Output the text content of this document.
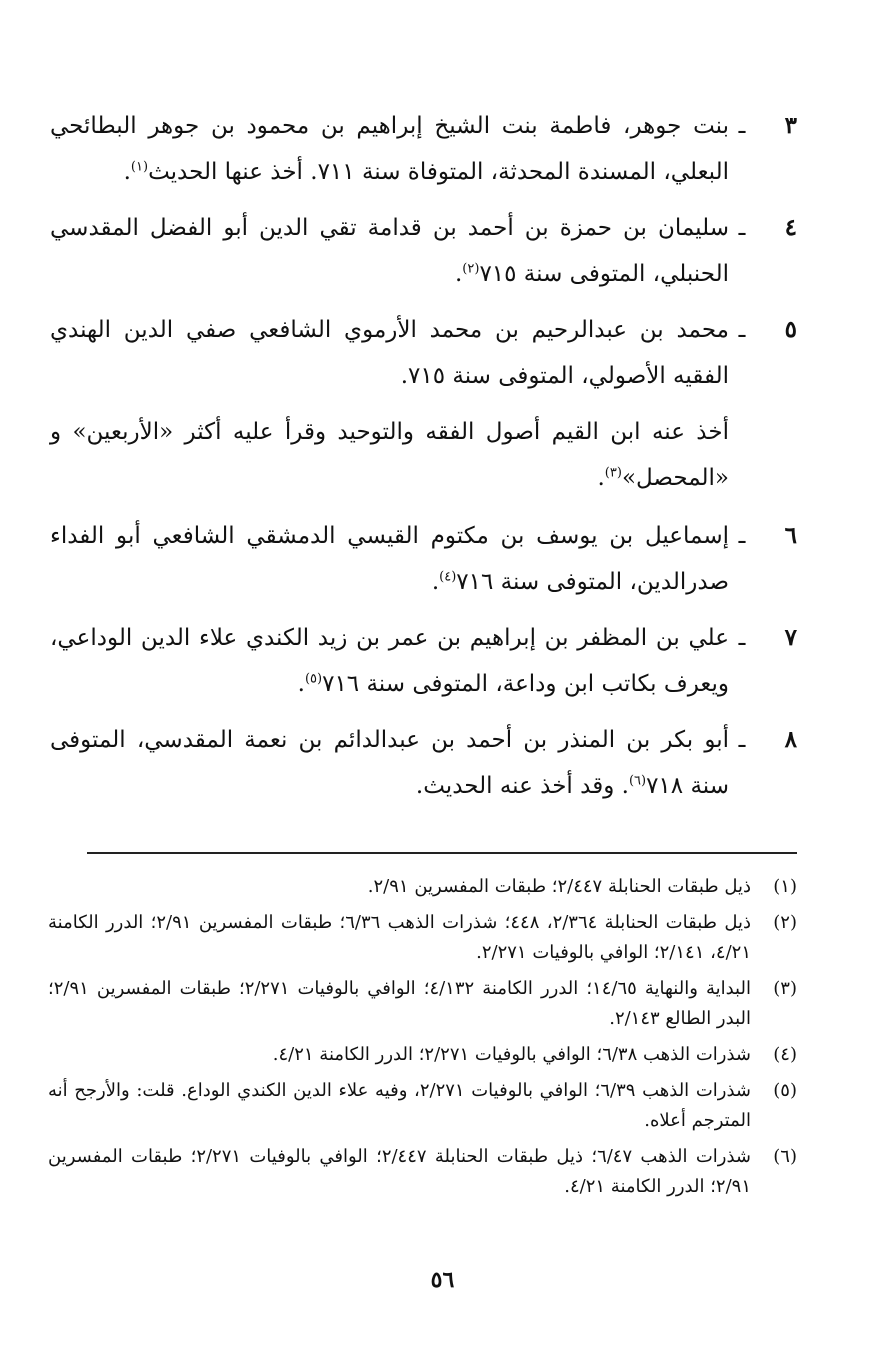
٣
ـ
بنت جوهر، فاطمة بنت الشيخ إبراهيم بن محمود بن جوهر البطائحي البعلي، المسندة المحدثة، المتوفاة سنة ٧١١. أخذ عنها الحديث$^{(١)}$.
٤
ـ
سليمان بن حمزة بن أحمد بن قدامة تقي الدين أبو الفضل المقدسي الحنبلي، المتوفى سنة ٧١٥$^{(٢)}$.
٥
ـ
محمد بن عبدالرحيم بن محمد الأرموي الشافعي صفي الدين الهندي الفقيه الأصولي، المتوفى سنة ٧١٥.
أخذ عنه ابن القيم أصول الفقه والتوحيد وقرأ عليه أكثر «الأربعين» و «المحصل»$^{(٣)}$.
٦
ـ
إسماعيل بن يوسف بن مكتوم القيسي الدمشقي الشافعي أبو الفداء صدرالدين، المتوفى سنة ٧١٦$^{(٤)}$.
٧
ـ
علي بن المظفر بن إبراهيم بن عمر بن زيد الكندي علاء الدين الوداعي، ويعرف بكاتب ابن وداعة، المتوفى سنة ٧١٦$^{(٥)}$.
٨
ـ
أبو بكر بن المنذر بن أحمد بن عبدالدائم بن نعمة المقدسي، المتوفى سنة ٧١٨$^{(٦)}$. وقد أخذ عنه الحديث.
(١)
ذيل طبقات الحنابلة ٢/٤٤٧؛ طبقات المفسرين ٢/٩١.
(٢)
ذيل طبقات الحنابلة ٢/٣٦٤، ٤٤٨؛ شذرات الذهب ٦/٣٦؛ طبقات المفسرين ٢/٩١؛ الدرر الكامنة ٤/٢١، ٢/١٤١؛ الوافي بالوفيات ٢/٢٧١.
(٣)
البداية والنهاية ١٤/٦٥؛ الدرر الكامنة ٤/١٣٢؛ الوافي بالوفيات ٢/٢٧١؛ طبقات المفسرين ٢/٩١؛ البدر الطالع ٢/١٤٣.
(٤)
شذرات الذهب ٦/٣٨؛ الوافي بالوفيات ٢/٢٧١؛ الدرر الكامنة ٤/٢١.
(٥)
شذرات الذهب ٦/٣٩؛ الوافي بالوفيات ٢/٢٧١، وفيه علاء الدين الكندي الوداع. قلت: والأرجح أنه المترجم أعلاه.
(٦)
شذرات الذهب ٦/٤٧؛ ذيل طبقات الحنابلة ٢/٤٤٧؛ الوافي بالوفيات ٢/٢٧١؛ طبقات المفسرين ٢/٩١؛ الدرر الكامنة ٤/٢١.
٥٦
